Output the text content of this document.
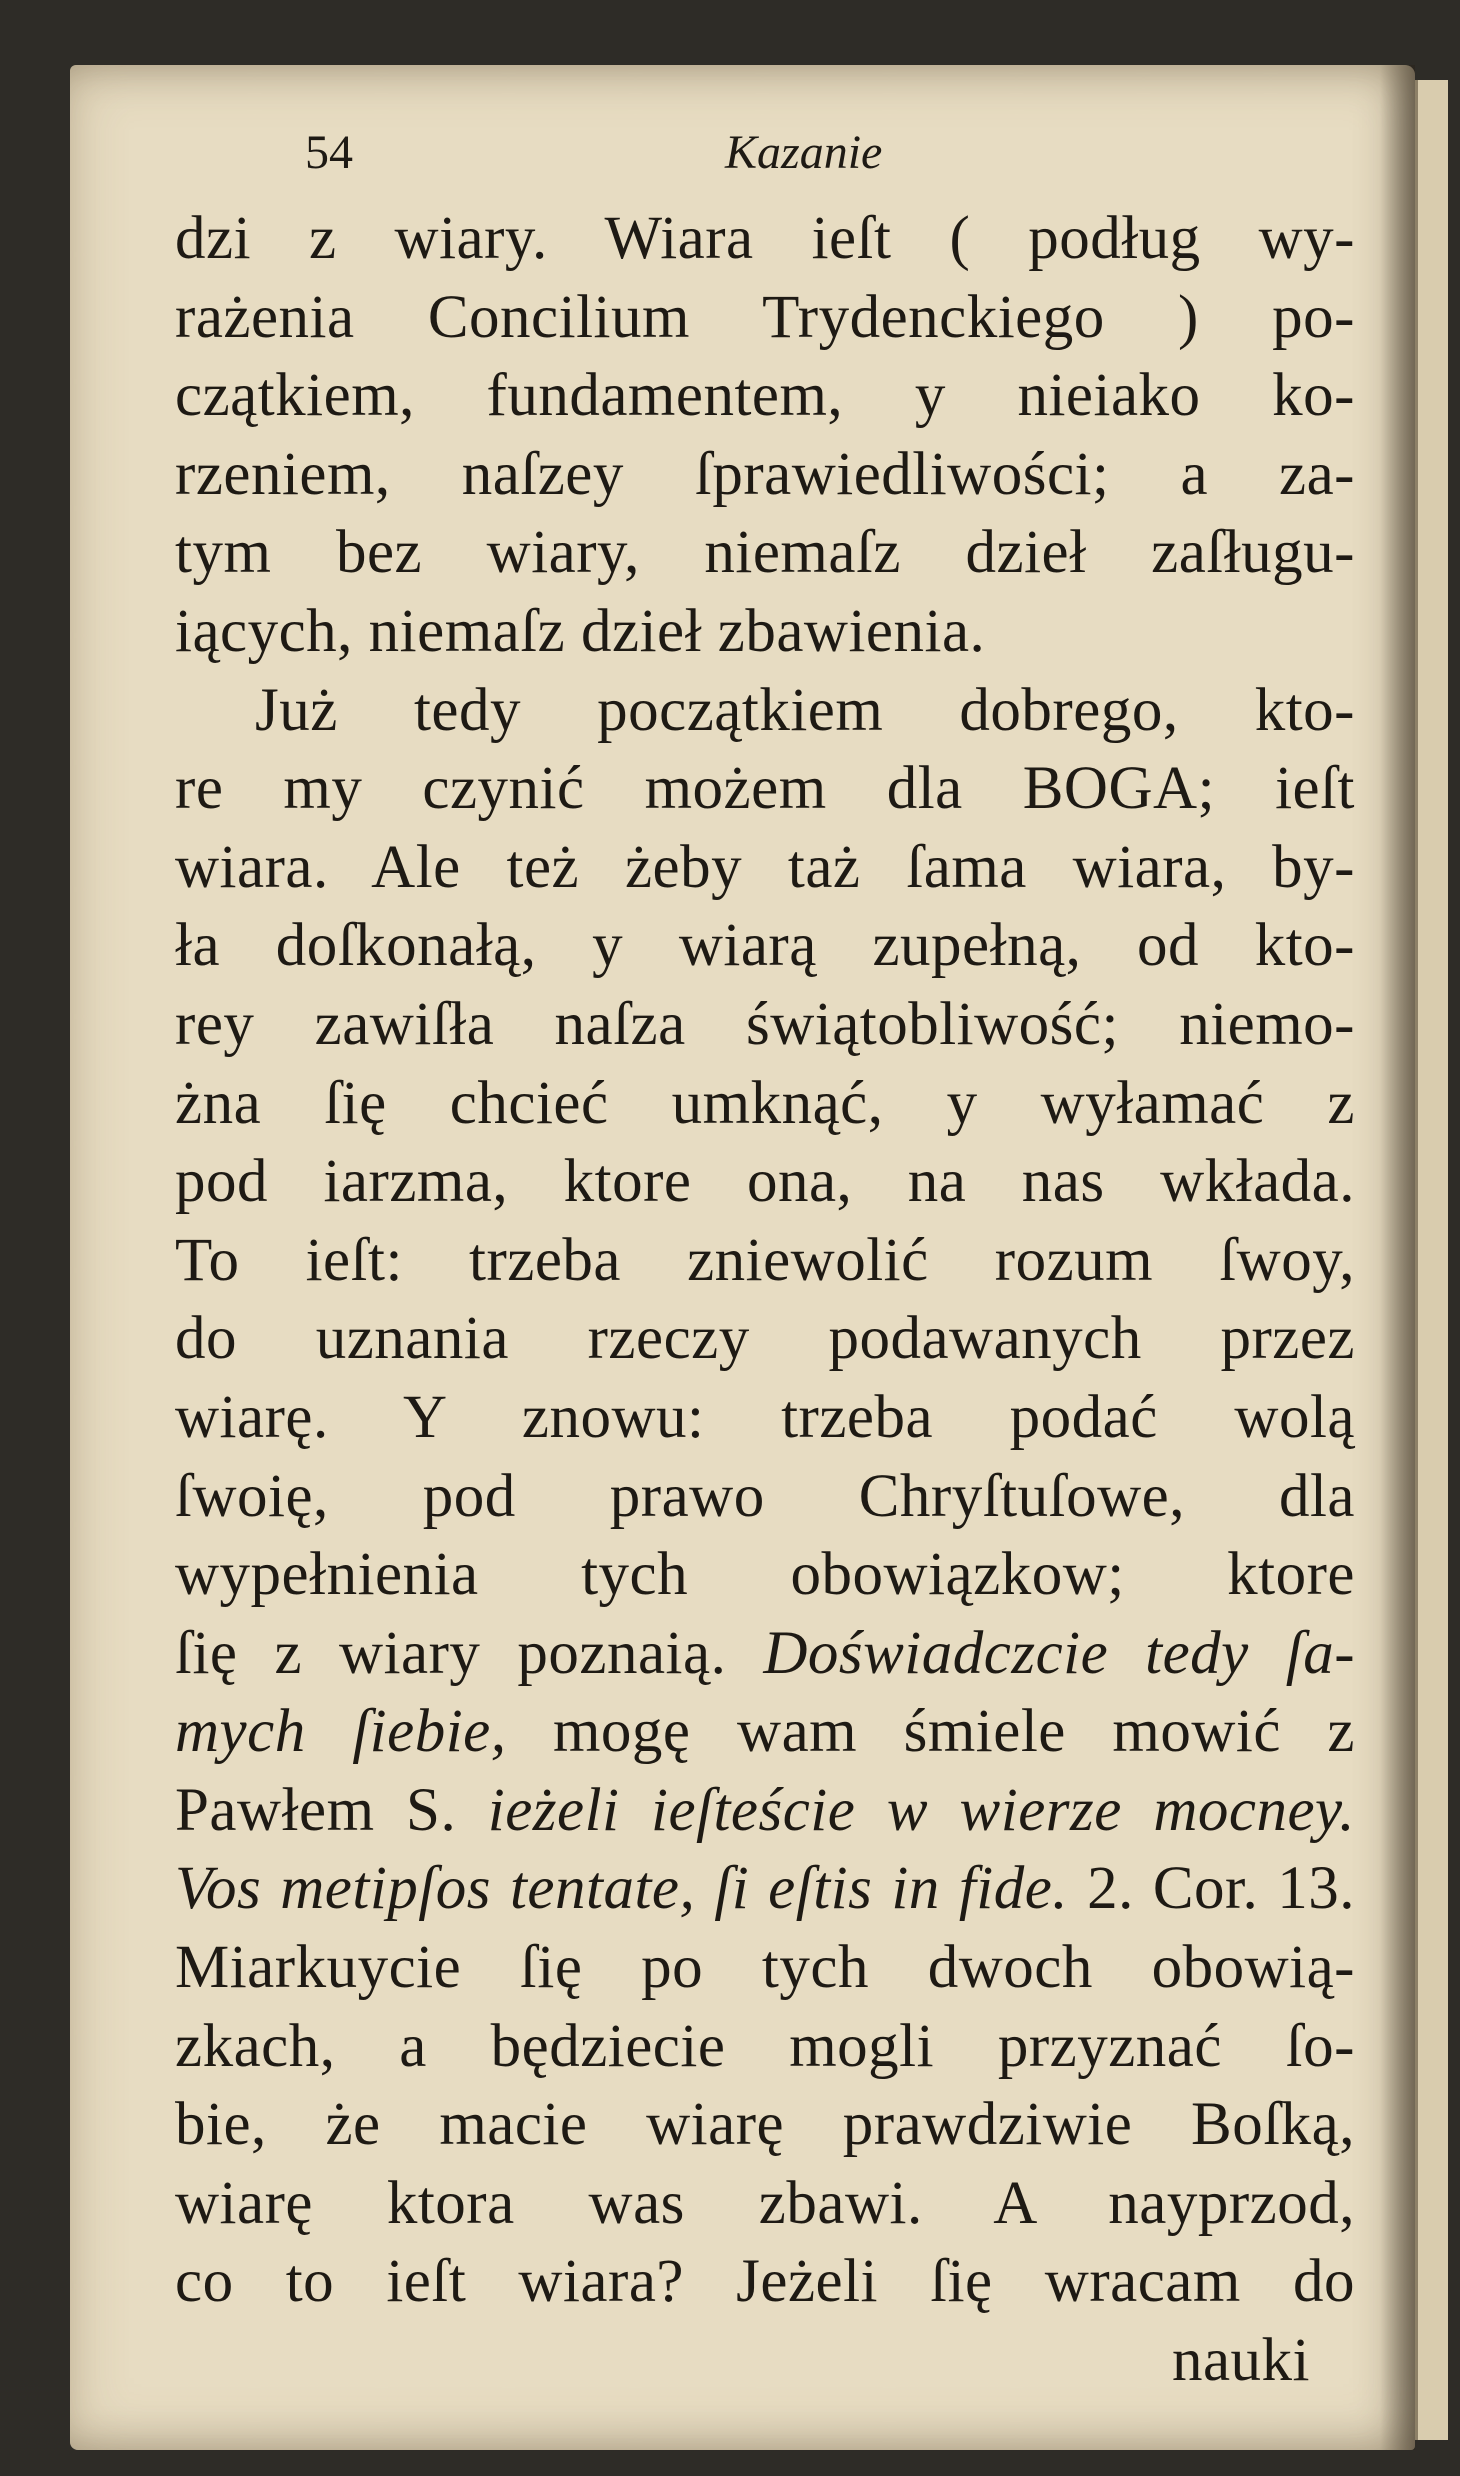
54	Kazanie
dzi z wiary. Wiara ieſt ( podług wy-
rażenia Concilium Trydenckiego ) po-
czątkiem, fundamentem, y nieiako ko-
rzeniem, naſzey ſprawiedliwości; a za-
tym bez wiary, niemaſz dzieł zaſługu-
iących, niemaſz dzieł zbawienia.
Już tedy początkiem dobrego, kto-
re my czynić możem dla BOGA; ieſt
wiara. Ale też żeby taż ſama wiara, by-
ła doſkonałą, y wiarą zupełną, od kto-
rey zawiſła naſza świątobliwość; niemo-
żna ſię chcieć umknąć, y wyłamać z
pod iarzma, ktore ona, na nas wkłada.
To ieſt: trzeba zniewolić rozum ſwoy,
do uznania rzeczy podawanych przez
wiarę. Y znowu: trzeba podać wolą
ſwoię, pod prawo Chryſtuſowe, dla
wypełnienia tych obowiązkow; ktore
ſię z wiary poznaią. Doświadczcie tedy ſa-
mych ſiebie, mogę wam śmiele mowić z
Pawłem S. ieżeli ieſteście w wierze mocney.
Vos metipſos tentate, ſi eſtis in fide. 2. Cor. 13.
Miarkuycie ſię po tych dwoch obowią-
zkach, a będziecie mogli przyznać ſo-
bie, że macie wiarę prawdziwie Boſką,
wiarę ktora was zbawi. A nayprzod,
co to ieſt wiara? Jeżeli ſię wracam do
nauki
